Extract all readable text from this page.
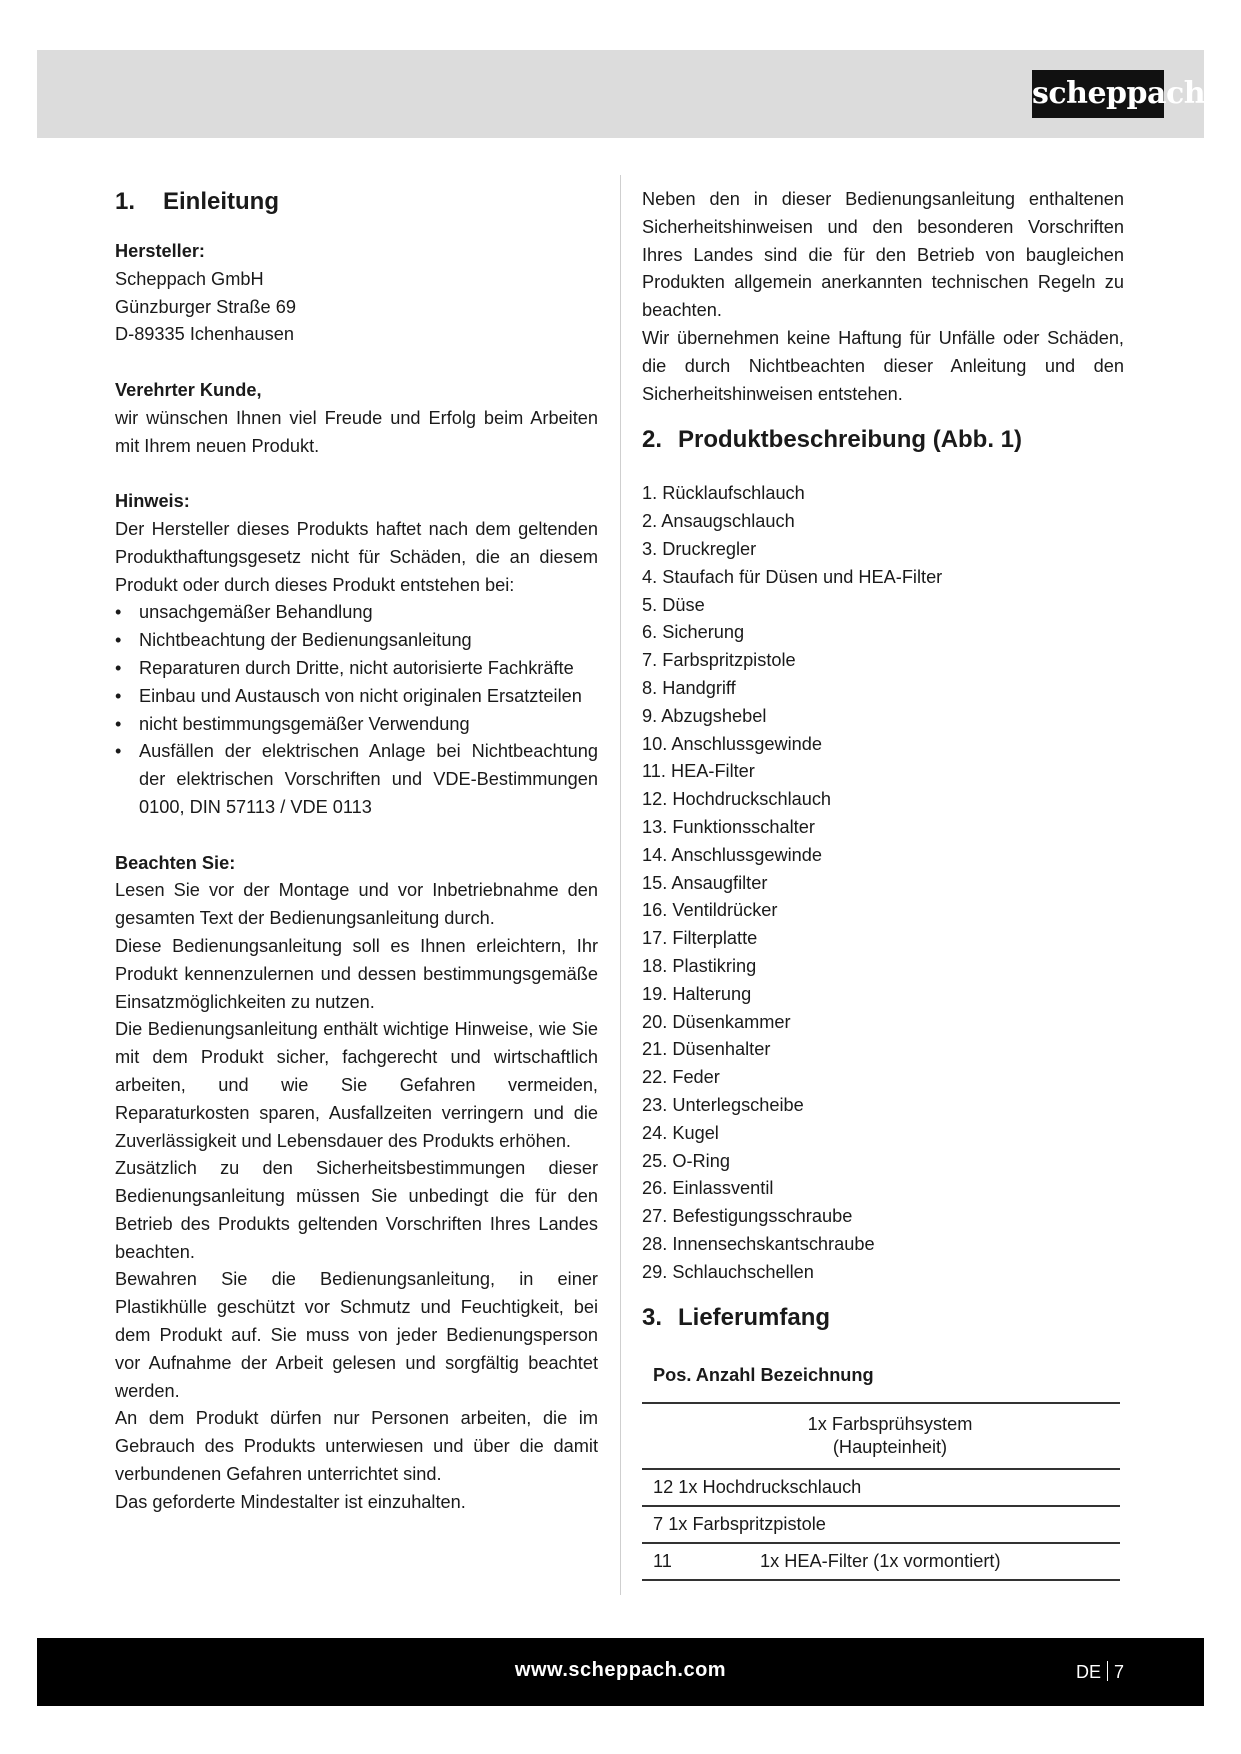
scheppach
1. Einleitung
Hersteller:
Scheppach GmbH
Günzburger Straße 69
D-89335 Ichenhausen
Verehrter Kunde,

wir wünschen Ihnen viel Freude und Erfolg beim Arbeiten mit Ihrem neuen Produkt.

Hinweis:

Der Hersteller dieses Produkts haftet nach dem geltenden Produkthaftungsgesetz nicht für Schäden, die an diesem Produkt oder durch dieses Produkt entstehen bei:

• unsachgemäßer Behandlung
• Nichtbeachtung der Bedienungsanleitung
• Reparaturen durch Dritte, nicht autorisierte Fachkräfte
• Einbau und Austausch von nicht originalen Ersatzteilen
• nicht bestimmungsgemäßer Verwendung
• Ausfällen der elektrischen Anlage bei Nichtbeachtung der elektrischen Vorschriften und VDE-Bestimmungen 0100, DIN 57113 / VDE 0113
Beachten Sie:

Lesen Sie vor der Montage und vor Inbetriebnahme den gesamten Text der Bedienungsanleitung durch.

Diese Bedienungsanleitung soll es Ihnen erleichtern, Ihr Produkt kennenzulernen und dessen bestimmungsgemäße Einsatzmöglichkeiten zu nutzen.

Die Bedienungsanleitung enthält wichtige Hinweise, wie Sie mit dem Produkt sicher, fachgerecht und wirtschaftlich arbeiten, und wie Sie Gefahren vermeiden, Reparaturkosten sparen, Ausfallzeiten verringern und die Zuverlässigkeit und Lebensdauer des Produkts erhöhen.

Zusätzlich zu den Sicherheitsbestimmungen dieser Bedienungsanleitung müssen Sie unbedingt die für den Betrieb des Produkts geltenden Vorschriften Ihres Landes beachten.

Bewahren Sie die Bedienungsanleitung, in einer Plastikhülle geschützt vor Schmutz und Feuchtigkeit, bei dem Produkt auf. Sie muss von jeder Bedienungsperson vor Aufnahme der Arbeit gelesen und sorgfältig beachtet werden.

An dem Produkt dürfen nur Personen arbeiten, die im Gebrauch des Produkts unterwiesen und über die damit verbundenen Gefahren unterrichtet sind.

Das geforderte Mindestalter ist einzuhalten.

Neben den in dieser Bedienungsanleitung enthaltenen Sicherheitshinweisen und den besonderen Vorschriften Ihres Landes sind die für den Betrieb von baugleichen Produkten allgemein anerkannten technischen Regeln zu beachten.

Wir übernehmen keine Haftung für Unfälle oder Schäden, die durch Nichtbeachten dieser Anleitung und den Sicherheitshinweisen entstehen.

2. Produktbeschreibung (Abb. 1)
1. Rücklaufschlauch
2. Ansaugschlauch
3. Druckregler
4. Staufach für Düsen und HEA-Filter
5. Düse
6. Sicherung
7. Farbspritzpistole
8. Handgriff
9. Abzugshebel
10. Anschlussgewinde
11. HEA-Filter
12. Hochdruckschlauch
13. Funktionsschalter
14. Anschlussgewinde
15. Ansaugfilter
16. Ventildrücker
17. Filterplatte
18. Plastikring
19. Halterung
20. Düsenkammer
21. Düsenhalter
22. Feder
23. Unterlegscheibe
24. Kugel
25. O-Ring
26. Einlassventil
27. Befestigungsschraube
28. Innensechskantschraube
29. Schlauchschellen
3. Lieferumfang
Pos. Anzahl Bezeichnung	

	1x Farbsprühsystem (Haupteinheit)

12 1x Hochdruckschlauch	
7 1x Farbspritzpistole	
11	1x HEA-Filter (1x vormontiert)
www.scheppach.com	DE 7
